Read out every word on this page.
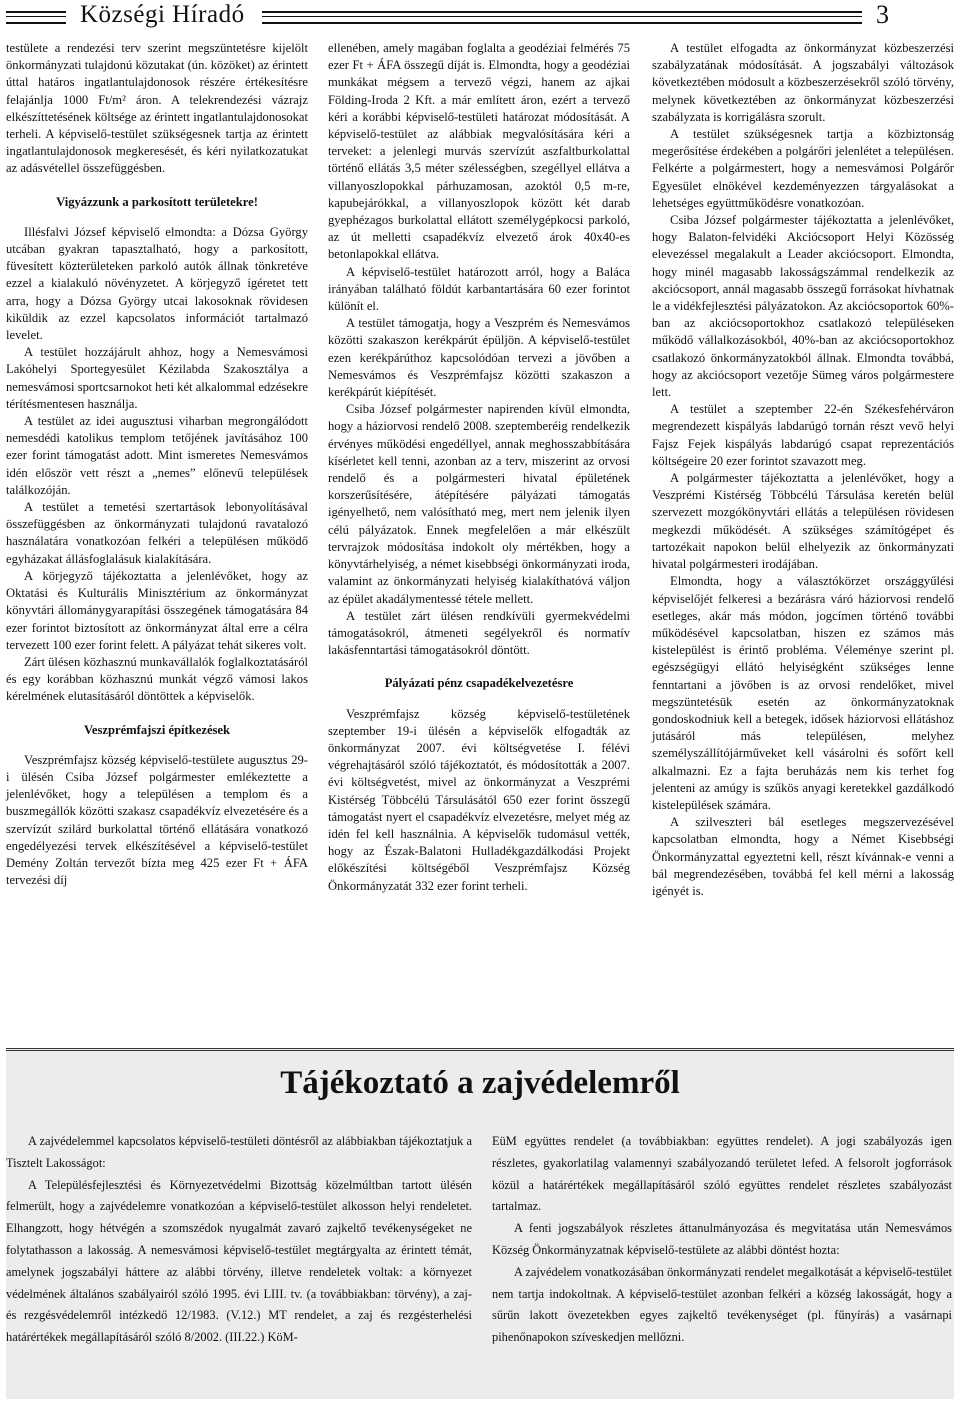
Községi Híradó	3

testülete a rendezési terv szerint megszüntetésre kijelölt önkormányzati tulajdonú közutakat (ún. közöket) az érintett úttal határos ingatlantulajdonosok részére értékesítésre felajánlja 1000 Ft/m² áron. A telekrendezési vázrajz elkészíttetésének költsége az érintett ingatlantulajdonosokat terheli. A képviselő-testület szükségesnek tartja az érintett ingatlantulajdonosok megkeresését, és kéri nyilatkozatukat az adásvétellel összefüggésben.

Vigyázzunk a parkosított területekre!

Illésfalvi József képviselő elmondta: a Dózsa György utcában gyakran tapasztalható, hogy a parkosított, füvesített közterületeken parkoló autók állnak tönkretéve ezzel a kialakuló növényzetet. A körjegyző ígéretet tett arra, hogy a Dózsa György utcai lakosoknak rövidesen kiküldik az ezzel kapcsolatos információt tartalmazó levelet.

A testület hozzájárult ahhoz, hogy a Nemesvámosi Lakóhelyi Sportegyesület Kézilabda Szakosztálya a nemesvámosi sportcsarnokot heti két alkalommal edzésekre térítésmentesen használja.

A testület az idei augusztusi viharban megrongálódott nemesdédi katolikus templom tetőjének javításához 100 ezer forint támogatást adott. Mint ismeretes Nemesvámos idén először vett részt a „nemes” előnevű települések találkozóján.

A testület a temetési szertartások lebonyolításával összefüggésben az önkormányzati tulajdonú ravatalozó használatára vonatkozóan felkéri a településen működő egyházakat állásfoglalásuk kialakítására.

A körjegyző tájékoztatta a jelenlévőket, hogy az Oktatási és Kulturális Minisztérium az önkormányzat könyvtári állománygyarapítási összegének támogatására 84 ezer forintot biztosított az önkormányzat által erre a célra tervezett 100 ezer forint felett. A pályázat tehát sikeres volt.

Zárt ülésen közhasznú munkavállalók foglalkoztatásáról és egy korábban közhasznú munkát végző vámosi lakos kérelmének elutasításáról döntöttek a képviselők.

Veszprémfajszi építkezések

Veszprémfajsz község képviselő-testülete augusztus 29-i ülésén Csiba József polgármester emlékeztette a jelenlévőket, hogy a településen a templom és a buszmegállók közötti szakasz csapadékvíz elvezetésére és a szervízút szilárd burkolattal történő ellátására vonatkozó engedélyezési tervek elkészítésével a képviselő-testület Demény Zoltán tervezőt bízta meg 425 ezer Ft + ÁFA tervezési díj

ellenében, amely magában foglalta a geodéziai felmérés 75 ezer Ft + ÁFA összegű díját is. Elmondta, hogy a geodéziai munkákat mégsem a tervező végzi, hanem az ajkai Földing-Iroda 2 Kft. a már említett áron, ezért a tervező kéri a korábbi képviselő-testületi határozat módosítását. A képviselő-testület az alábbiak megvalósítására kéri a terveket: a jelenlegi murvás szervízút aszfaltburkolattal történő ellátás 3,5 méter szélességben, szegéllyel ellátva a villanyoszlopokkal párhuzamosan, azoktól 0,5 m-re, kapubejárókkal, a villanyoszlopok között két darab gyephézagos burkolattal ellátott személygépkocsi parkoló, az út melletti csapadékvíz elvezető árok 40x40-es betonlapokkal ellátva.

A képviselő-testület határozott arról, hogy a Baláca irányában található földút karbantartására 60 ezer forintot különít el.

A testület támogatja, hogy a Veszprém és Nemesvámos közötti szakaszon kerékpárút épüljön. A képviselő-testület ezen kerékpárúthoz kapcsolódóan tervezi a jövőben a Nemesvámos és Veszprémfajsz közötti szakaszon a kerékpárút kiépítését.

Csiba József polgármester napirenden kívül elmondta, hogy a háziorvosi rendelő 2008. szeptemberéig rendelkezik érvényes működési engedéllyel, annak meghosszabbítására kísérletet kell tenni, azonban az a terv, miszerint az orvosi rendelő és a polgármesteri hivatal épületének korszerűsítésére, átépítésére pályázati támogatás igényelhető, nem valósítható meg, mert nem jelenik ilyen célú pályázatok. Ennek megfelelően a már elkészült tervrajzok módosítása indokolt oly mértékben, hogy a könyvtárhelyiség, a német kisebbségi önkormányzati iroda, valamint az önkormányzati helyiség kialakíthatóvá váljon az épület akadálymentessé tétele mellett.

A testület zárt ülésen rendkívüli gyermekvédelmi támogatásokról, átmeneti segélyekről és normatív lakásfenntartási támogatásokról döntött.

Pályázati pénz csapadékelvezetésre

Veszprémfajsz község képviselő-testületének szeptember 19-i ülésén a képviselők elfogadták az önkormányzat 2007. évi költségvetése I. félévi végrehajtásáról szóló tájékoztatót, és módosították a 2007. évi költségvetést, mivel az önkormányzat a Veszprémi Kistérség Többcélú Társulásától 650 ezer forint összegű támogatást nyert el csapadékvíz elvezetésre, melyet még az idén fel kell használnia. A képviselők tudomásul vették, hogy az Észak-Balatoni Hulladékgazdálkodási Projekt előkészítési költségéből Veszprémfajsz Község Önkormányzatát 332 ezer forint terheli.

A testület elfogadta az önkormányzat közbeszerzési szabályzatának módosítását. A jogszabályi változások következtében módosult a közbeszerzésekről szóló törvény, melynek következtében az önkormányzat közbeszerzési szabályzata is korrigálásra szorult.

A testület szükségesnek tartja a közbiztonság megerősítése érdekében a polgárőri jelenlétet a településen. Felkérte a polgármestert, hogy a nemesvámosi Polgárőr Egyesület elnökével kezdeményezzen tárgyalásokat a lehetséges együttműködésre vonatkozóan.

Csiba József polgármester tájékoztatta a jelenlévőket, hogy Balaton-felvidéki Akciócsoport Helyi Közösség elevezéssel megalakult a Leader akciócsoport. Elmondta, hogy minél magasabb lakosságszámmal rendelkezik az akciócsoport, annál magasabb összegű forrásokat hívhatnak le a vidékfejlesztési pályázatokon. Az akciócsoportok 60%-ban az akciócsoportokhoz csatlakozó településeken működő vállalkozásokból, 40%-ban az akciócsoportokhoz csatlakozó önkormányzatokból állnak. Elmondta továbbá, hogy az akciócsoport vezetője Sümeg város polgármestere lett.

A testület a szeptember 22-én Székesfehérváron megrendezett kispályás labdarúgó tornán részt vevő helyi Fajsz Fejek kispályás labdarúgó csapat reprezentációs költségeire 20 ezer forintot szavazott meg.

A polgármester tájékoztatta a jelenlévőket, hogy a Veszprémi Kistérség Többcélú Társulása keretén belül szervezett mozgókönyvtári ellátás a településen rövidesen megkezdi működését. A szükséges számítógépet és tartozékait napokon belül elhelyezik az önkormányzati hivatal polgármesteri irodájában.

Elmondta, hogy a választókörzet országgyűlési képviselőjét felkeresi a bezárásra váró háziorvosi rendelő esetleges, akár más módon, jogcímen történő további működésével kapcsolatban, hiszen ez számos más kistelepülést is érintő probléma. Véleménye szerint pl. egészségügyi ellátó helyiségként szükséges lenne fenntartani a jövőben is az orvosi rendelőket, mivel megszüntetésük esetén az önkormányzatoknak gondoskodniuk kell a betegek, idősek háziorvosi ellátáshoz jutásáról más településen, melyhez személyszállítójárműveket kell vásárolni és sofőrt kell alkalmazni. Ez a fajta beruházás nem kis terhet fog jelenteni az amúgy is szűkös anyagi keretekkel gazdálkodó kistelepülések számára.

A szilveszteri bál esetleges megszervezésével kapcsolatban elmondta, hogy a Német Kisebbségi Önkormányzattal egyeztetni kell, részt kívánnak-e venni a bál megrendezésében, továbbá fel kell mérni a lakosság igényét is.

Tájékoztató a zajvédelemről

A zajvédelemmel kapcsolatos képviselő-testületi döntésről az alábbiakban tájékoztatjuk a Tisztelt Lakosságot:

A Településfejlesztési és Környezetvédelmi Bizottság közelmúltban tartott ülésén felmerült, hogy a zajvédelemre vonatkozóan a képviselő-testület alkosson helyi rendeletet. Elhangzott, hogy hétvégén a szomszédok nyugalmát zavaró zajkeltő tevékenységeket ne folytathasson a lakosság. A nemesvámosi képviselő-testület megtárgyalta az érintett témát, amelynek jogszabályi háttere az alábbi törvény, illetve rendeletek voltak: a környezet védelmének általános szabályairól szóló 1995. évi LIII. tv. (a továbbiakban: törvény), a zaj- és rezgésvédelemről intézkedő 12/1983. (V.12.) MT rendelet, a zaj és rezgésterhelési határértékek megállapításáról szóló 8/2002. (III.22.) KöM-

EüM együttes rendelet (a továbbiakban: együttes rendelet). A jogi szabályozás igen részletes, gyakorlatilag valamennyi szabályozandó területet lefed. A felsorolt jogforrások közül a határértékek megállapításáról szóló együttes rendelet részletes szabályozást tartalmaz.

A fenti jogszabályok részletes áttanulmányozása és megvitatása után Nemesvámos Község Önkormányzatnak képviselő-testülete az alábbi döntést hozta:

A zajvédelem vonatkozásában önkormányzati rendelet megalkotását a képviselő-testület nem tartja indokoltnak. A képviselő-testület azonban felkéri a község lakosságát, hogy a sűrűn lakott övezetekben egyes zajkeltő tevékenységet (pl. fűnyírás) a vasárnapi pihenőnapokon szíveskedjen mellőzni.
